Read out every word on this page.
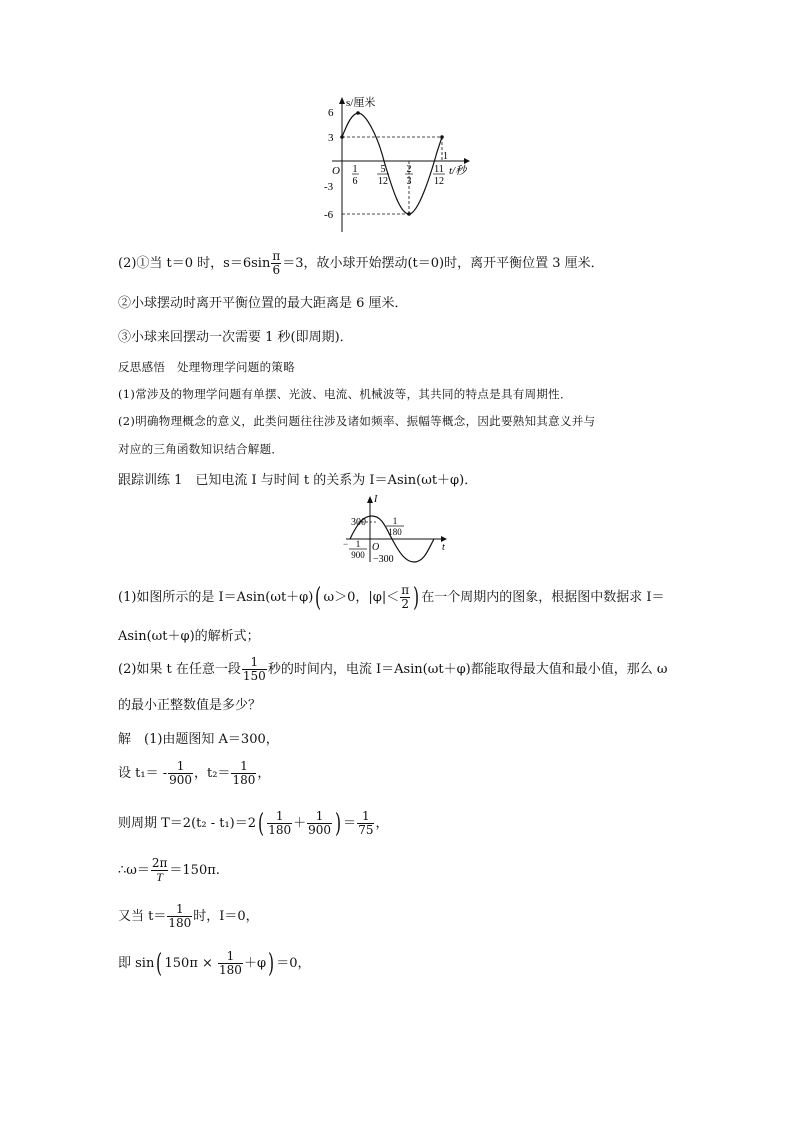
s/厘米
t/秒
O
6
3
-3
-6
1
6
5
12
2
3
11
12
1
(2)①当 t＝0 时，$s=6\sin \frac{\pi}{6} =3$，故小球开始摆动(t＝0)时，离开平衡位置 3 厘米．
②小球摆动时离开平衡位置的最大距离是 6 厘米．
③小球来回摆动一次需要 1 秒(即周期)．
反思感悟　处理物理学问题的策略
(1)常涉及的物理学问题有单摆、光波、电流、机械波等，其共同的特点是具有周期性．
(2)明确物理概念的意义，此类问题往往涉及诸如频率、振幅等概念，因此要熟知其意义并与
对应的三角函数知识结合解题．
跟踪训练 1　已知电流 I 与时间 t 的关系为 I＝Asin(ωt＋φ)．
I
t
O
300
−300
− 1
900
1
180
(1)如图所示的是 I＝Asin(ωt＋φ)( ω＞0，$|\varphi|< \frac{\pi}{2}$ ) 在一个周期内的图象，根据图中数据求 I＝
Asin(ωt＋φ)的解析式；
(2)如果 t 在任意一段 $\frac{1}{150}$ 秒的时间内，电流 I＝Asin(ωt＋φ)都能取得最大值和最小值，那么 ω
的最小正整数值是多少？
解　(1)由题图知 A＝300，
设 $t_1= - \frac{1}{900}$ ，$t_2= \frac{1}{180}$ ，
则周期 $T=2(t_2 - t_1)=2( \frac{1}{180} + \frac{1}{900}$ ) ＝ $\frac{1}{75}$ ，
∴ω＝ $\frac{2\pi}{T} =150\pi$.
又当 $t= \frac{1}{180}$ 时，I＝0，
即 sin( $150\pi \times \frac{1}{180} +\varphi) =0$，
